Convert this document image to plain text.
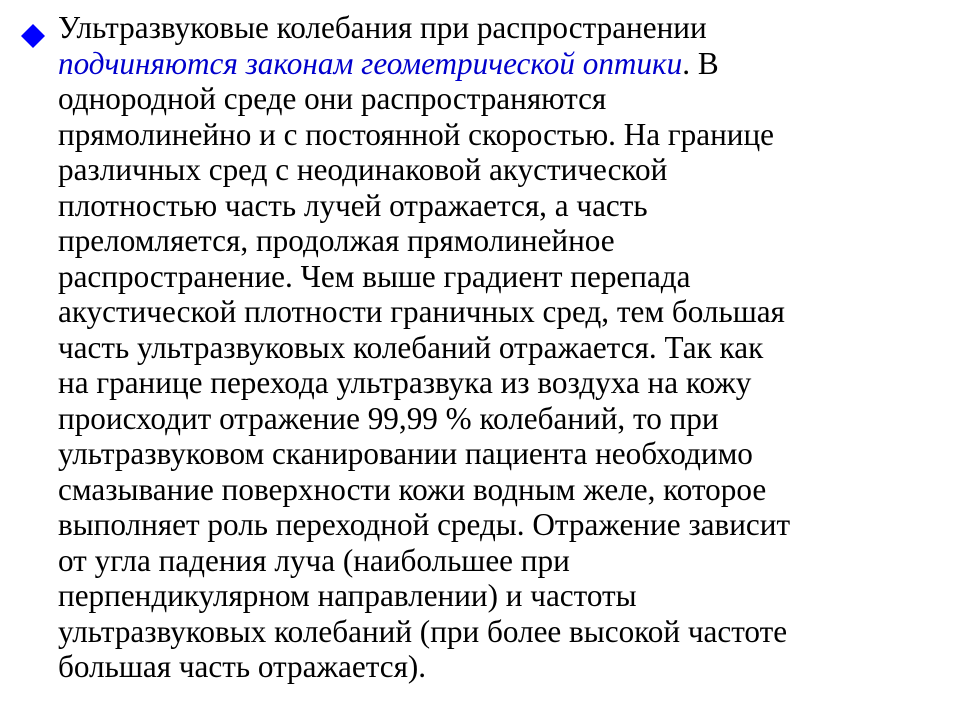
Ультразвуковые колебания при распространении
подчиняются законам геометрической оптики. В
однородной среде они распространяются
прямолинейно и с постоянной скоростью. На границе
различных сред с неодинаковой акустической
плотностью часть лучей отражается, а часть
преломляется, продолжая прямолинейное
распространение. Чем выше градиент перепада
акустической плотности граничных сред, тем большая
часть ультразвуковых колебаний отражается. Так как
на границе перехода ультразвука из воздуха на кожу
происходит отражение 99,99 % колебаний, то при
ультразвуковом сканировании пациента необходимо
смазывание поверхности кожи водным желе, которое
выполняет роль переходной среды. Отражение зависит
от угла падения луча (наибольшее при
перпендикулярном направлении) и частоты
ультразвуковых колебаний (при более высокой частоте
большая часть отражается).
